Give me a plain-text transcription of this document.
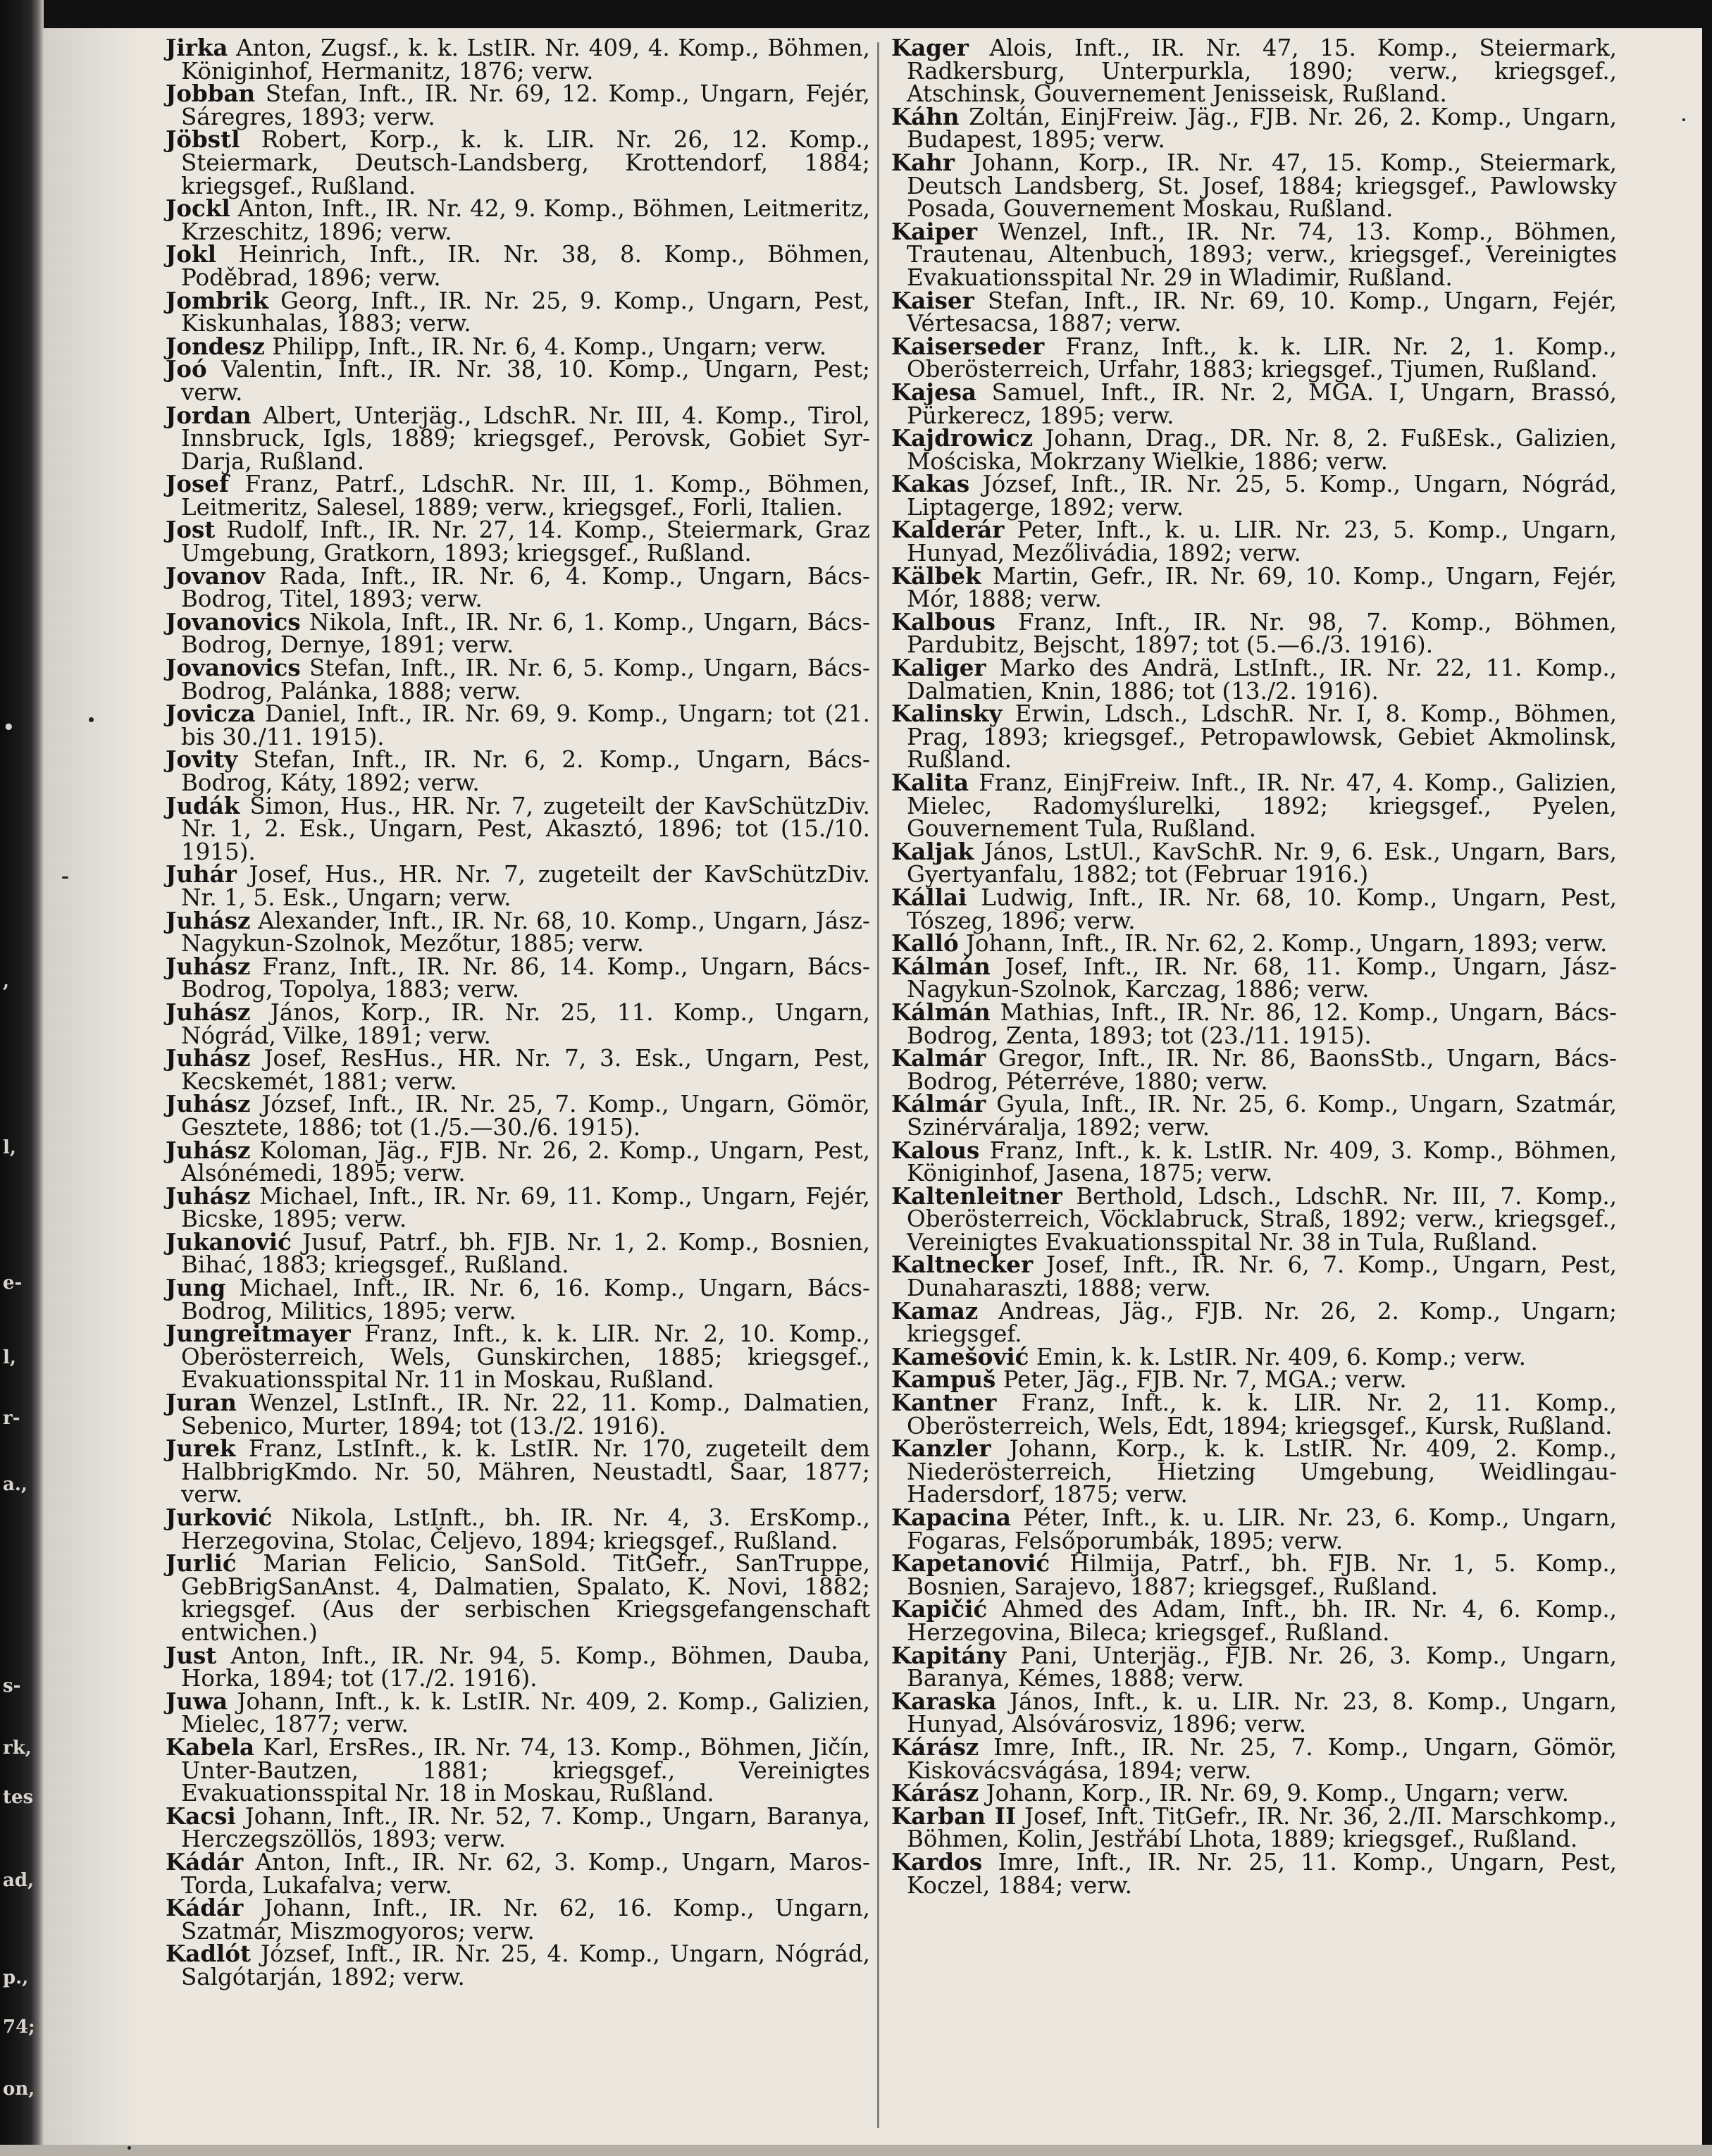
•
,
l,
e-
l,
r-
a.,
s-
rk,
tes
ad,
p.,
74;
on,

Jirka Anton, Zugsf., k. k. LstIR. Nr. 409, 4. Komp., Böhmen, Königinhof, Hermanitz, 1876; verw.

Jobban Stefan, Inft., IR. Nr. 69, 12. Komp., Ungarn, Fejér, Sáregres, 1893; verw.

Jöbstl Robert, Korp., k. k. LIR. Nr. 26, 12. Komp., Steiermark, Deutsch-Landsberg, Krottendorf, 1884; kriegsgef., Rußland.

Jockl Anton, Inft., IR. Nr. 42, 9. Komp., Böhmen, Leitmeritz, Krzeschitz, 1896; verw.

Jokl Heinrich, Inft., IR. Nr. 38, 8. Komp., Böhmen, Poděbrad, 1896; verw.

Jombrik Georg, Inft., IR. Nr. 25, 9. Komp., Ungarn, Pest, Kiskunhalas, 1883; verw.

Jondesz Philipp, Inft., IR. Nr. 6, 4. Komp., Ungarn; verw.

Joó Valentin, Inft., IR. Nr. 38, 10. Komp., Ungarn, Pest; verw.

Jordan Albert, Unterjäg., LdschR. Nr. III, 4. Komp., Tirol, Innsbruck, Igls, 1889; kriegsgef., Perovsk, Gobiet Syr-Darja, Rußland.

Josef Franz, Patrf., LdschR. Nr. III, 1. Komp., Böhmen, Leitmeritz, Salesel, 1889; verw., kriegsgef., Forli, Italien.

Jost Rudolf, Inft., IR. Nr. 27, 14. Komp., Steiermark, Graz Umgebung, Gratkorn, 1893; kriegsgef., Rußland.

Jovanov Rada, Inft., IR. Nr. 6, 4. Komp., Ungarn, Bács-Bodrog, Titel, 1893; verw.

Jovanovics Nikola, Inft., IR. Nr. 6, 1. Komp., Ungarn, Bács-Bodrog, Dernye, 1891; verw.

Jovanovics Stefan, Inft., IR. Nr. 6, 5. Komp., Ungarn, Bács-Bodrog, Palánka, 1888; verw.

Jovicza Daniel, Inft., IR. Nr. 69, 9. Komp., Ungarn; tot (21. bis 30./11. 1915).

Jovity Stefan, Inft., IR. Nr. 6, 2. Komp., Ungarn, Bács-Bodrog, Káty, 1892; verw.

Judák Simon, Hus., HR. Nr. 7, zugeteilt der KavSchützDiv. Nr. 1, 2. Esk., Ungarn, Pest, Akasztó, 1896; tot (15./10. 1915).

Juhár Josef, Hus., HR. Nr. 7, zugeteilt der KavSchützDiv. Nr. 1, 5. Esk., Ungarn; verw.

Juhász Alexander, Inft., IR. Nr. 68, 10. Komp., Ungarn, Jász-Nagykun-Szolnok, Mezőtur, 1885; verw.

Juhász Franz, Inft., IR. Nr. 86, 14. Komp., Ungarn, Bács-Bodrog, Topolya, 1883; verw.

Juhász János, Korp., IR. Nr. 25, 11. Komp., Ungarn, Nógrád, Vilke, 1891; verw.

Juhász Josef, ResHus., HR. Nr. 7, 3. Esk., Ungarn, Pest, Kecskemét, 1881; verw.

Juhász József, Inft., IR. Nr. 25, 7. Komp., Ungarn, Gömör, Gesztete, 1886; tot (1./5.—30./6. 1915).

Juhász Koloman, Jäg., FJB. Nr. 26, 2. Komp., Ungarn, Pest, Alsónémedi, 1895; verw.

Juhász Michael, Inft., IR. Nr. 69, 11. Komp., Ungarn, Fejér, Bicske, 1895; verw.

Jukanović Jusuf, Patrf., bh. FJB. Nr. 1, 2. Komp., Bosnien, Bihać, 1883; kriegsgef., Rußland.

Jung Michael, Inft., IR. Nr. 6, 16. Komp., Ungarn, Bács-Bodrog, Militics, 1895; verw.

Jungreitmayer Franz, Inft., k. k. LIR. Nr. 2, 10. Komp., Oberösterreich, Wels, Gunskirchen, 1885; kriegsgef., Evakuationsspital Nr. 11 in Moskau, Rußland.

Juran Wenzel, LstInft., IR. Nr. 22, 11. Komp., Dalmatien, Sebenico, Murter, 1894; tot (13./2. 1916).

Jurek Franz, LstInft., k. k. LstIR. Nr. 170, zugeteilt dem HalbbrigKmdo. Nr. 50, Mähren, Neustadtl, Saar, 1877; verw.

Jurković Nikola, LstInft., bh. IR. Nr. 4, 3. ErsKomp., Herzegovina, Stolac, Čeljevo, 1894; kriegsgef., Rußland.

Jurlić Marian Felicio, SanSold. TitGefr., SanTruppe, GebBrigSanAnst. 4, Dalmatien, Spalato, K. Novi, 1882; kriegsgef. (Aus der serbischen Kriegsgefangenschaft entwichen.)

Just Anton, Inft., IR. Nr. 94, 5. Komp., Böhmen, Dauba, Horka, 1894; tot (17./2. 1916).

Juwa Johann, Inft., k. k. LstIR. Nr. 409, 2. Komp., Galizien, Mielec, 1877; verw.

Kabela Karl, ErsRes., IR. Nr. 74, 13. Komp., Böhmen, Jičín, Unter-Bautzen, 1881; kriegsgef., Vereinigtes Evakuationsspital Nr. 18 in Moskau, Rußland.

Kacsi Johann, Inft., IR. Nr. 52, 7. Komp., Ungarn, Baranya, Herczegszöllös, 1893; verw.

Kádár Anton, Inft., IR. Nr. 62, 3. Komp., Ungarn, Maros-Torda, Lukafalva; verw.

Kádár Johann, Inft., IR. Nr. 62, 16. Komp., Ungarn, Szatmár, Miszmogyoros; verw.

Kadlót József, Inft., IR. Nr. 25, 4. Komp., Ungarn, Nógrád, Salgótarján, 1892; verw.

Kager Alois, Inft., IR. Nr. 47, 15. Komp., Steiermark, Radkersburg, Unterpurkla, 1890; verw., kriegsgef., Atschinsk, Gouvernement Jenisseisk, Rußland.

Káhn Zoltán, EinjFreiw. Jäg., FJB. Nr. 26, 2. Komp., Ungarn, Budapest, 1895; verw.

Kahr Johann, Korp., IR. Nr. 47, 15. Komp., Steiermark, Deutsch Landsberg, St. Josef, 1884; kriegsgef., Pawlowsky Posada, Gouvernement Moskau, Rußland.

Kaiper Wenzel, Inft., IR. Nr. 74, 13. Komp., Böhmen, Trautenau, Altenbuch, 1893; verw., kriegsgef., Vereinigtes Evakuationsspital Nr. 29 in Wladimir, Rußland.

Kaiser Stefan, Inft., IR. Nr. 69, 10. Komp., Ungarn, Fejér, Vértesacsa, 1887; verw.

Kaiserseder Franz, Inft., k. k. LIR. Nr. 2, 1. Komp., Oberösterreich, Urfahr, 1883; kriegsgef., Tjumen, Rußland.

Kajesa Samuel, Inft., IR. Nr. 2, MGA. I, Ungarn, Brassó, Pürkerecz, 1895; verw.

Kajdrowicz Johann, Drag., DR. Nr. 8, 2. FußEsk., Galizien, Mościska, Mokrzany Wielkie, 1886; verw.

Kakas József, Inft., IR. Nr. 25, 5. Komp., Ungarn, Nógrád, Liptagerge, 1892; verw.

Kalderár Peter, Inft., k. u. LIR. Nr. 23, 5. Komp., Ungarn, Hunyad, Mezőlivádia, 1892; verw.

Kälbek Martin, Gefr., IR. Nr. 69, 10. Komp., Ungarn, Fejér, Mór, 1888; verw.

Kalbous Franz, Inft., IR. Nr. 98, 7. Komp., Böhmen, Pardubitz, Bejscht, 1897; tot (5.—6./3. 1916).

Kaliger Marko des Andrä, LstInft., IR. Nr. 22, 11. Komp., Dalmatien, Knin, 1886; tot (13./2. 1916).

Kalinsky Erwin, Ldsch., LdschR. Nr. I, 8. Komp., Böhmen, Prag, 1893; kriegsgef., Petropawlowsk, Gebiet Akmolinsk, Rußland.

Kalita Franz, EinjFreiw. Inft., IR. Nr. 47, 4. Komp., Galizien, Mielec, Radomyślurelki, 1892; kriegsgef., Pyelen, Gouvernement Tula, Rußland.

Kaljak János, LstUl., KavSchR. Nr. 9, 6. Esk., Ungarn, Bars, Gyertyanfalu, 1882; tot (Februar 1916.)

Kállai Ludwig, Inft., IR. Nr. 68, 10. Komp., Ungarn, Pest, Tószeg, 1896; verw.

Kalló Johann, Inft., IR. Nr. 62, 2. Komp., Ungarn, 1893; verw.

Kálmán Josef, Inft., IR. Nr. 68, 11. Komp., Ungarn, Jász-Nagykun-Szolnok, Karczag, 1886; verw.

Kálmán Mathias, Inft., IR. Nr. 86, 12. Komp., Ungarn, Bács-Bodrog, Zenta, 1893; tot (23./11. 1915).

Kalmár Gregor, Inft., IR. Nr. 86, BaonsStb., Ungarn, Bács-Bodrog, Péterréve, 1880; verw.

Kálmár Gyula, Inft., IR. Nr. 25, 6. Komp., Ungarn, Szatmár, Szinérváralja, 1892; verw.

Kalous Franz, Inft., k. k. LstIR. Nr. 409, 3. Komp., Böhmen, Königinhof, Jasena, 1875; verw.

Kaltenleitner Berthold, Ldsch., LdschR. Nr. III, 7. Komp., Oberösterreich, Vöcklabruck, Straß, 1892; verw., kriegsgef., Vereinigtes Evakuationsspital Nr. 38 in Tula, Rußland.

Kaltnecker Josef, Inft., IR. Nr. 6, 7. Komp., Ungarn, Pest, Dunaharaszti, 1888; verw.

Kamaz Andreas, Jäg., FJB. Nr. 26, 2. Komp., Ungarn; kriegsgef.

Kamešović Emin, k. k. LstIR. Nr. 409, 6. Komp.; verw.

Kampuš Peter, Jäg., FJB. Nr. 7, MGA.; verw.

Kantner Franz, Inft., k. k. LIR. Nr. 2, 11. Komp., Oberösterreich, Wels, Edt, 1894; kriegsgef., Kursk, Rußland.

Kanzler Johann, Korp., k. k. LstIR. Nr. 409, 2. Komp., Niederösterreich, Hietzing Umgebung, Weidlingau-Hadersdorf, 1875; verw.

Kapacina Péter, Inft., k. u. LIR. Nr. 23, 6. Komp., Ungarn, Fogaras, Felsőporumbák, 1895; verw.

Kapetanović Hilmija, Patrf., bh. FJB. Nr. 1, 5. Komp., Bosnien, Sarajevo, 1887; kriegsgef., Rußland.

Kapičić Ahmed des Adam, Inft., bh. IR. Nr. 4, 6. Komp., Herzegovina, Bileca; kriegsgef., Rußland.

Kapitány Pani, Unterjäg., FJB. Nr. 26, 3. Komp., Ungarn, Baranya, Kémes, 1888; verw.

Karaska János, Inft., k. u. LIR. Nr. 23, 8. Komp., Ungarn, Hunyad, Alsóvárosviz, 1896; verw.

Kárász Imre, Inft., IR. Nr. 25, 7. Komp., Ungarn, Gömör, Kiskovácsvágása, 1894; verw.

Kárász Johann, Korp., IR. Nr. 69, 9. Komp., Ungarn; verw.

Karban II Josef, Inft. TitGefr., IR. Nr. 36, 2./II. Marschkomp., Böhmen, Kolin, Jestřábí Lhota, 1889; kriegsgef., Rußland.

Kardos Imre, Inft., IR. Nr. 25, 11. Komp., Ungarn, Pest, Koczel, 1884; verw.
